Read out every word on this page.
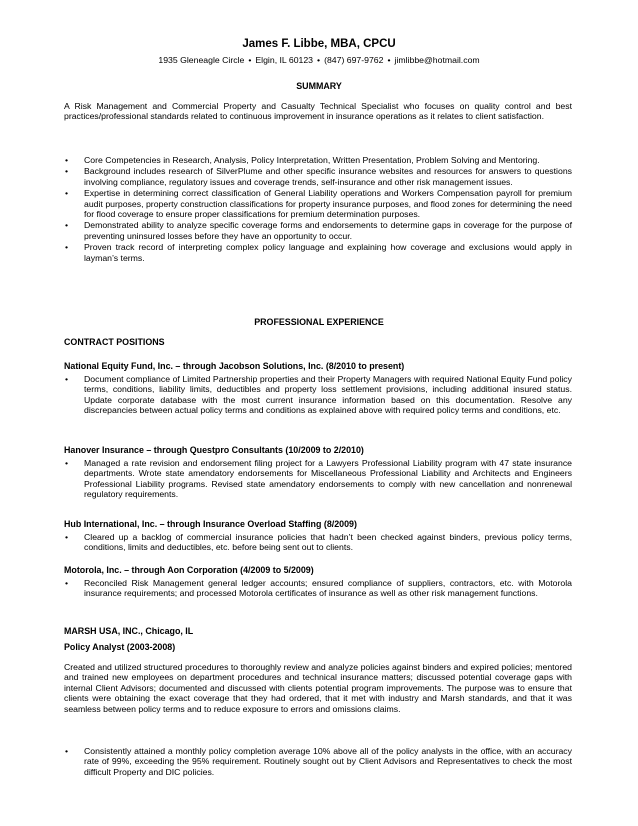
James F. Libbe, MBA, CPCU
1935 Gleneagle Circle • Elgin, IL 60123 • (847) 697-9762 • jimlibbe@hotmail.com
SUMMARY

A Risk Management and Commercial Property and Casualty Technical Specialist who focuses on quality control and best practices/professional standards related to continuous improvement in insurance operations as it relates to client satisfaction.

• Core Competencies in Research, Analysis, Policy Interpretation, Written Presentation, Problem Solving and Mentoring.
• Background includes research of SilverPlume and other specific insurance websites and resources for answers to questions involving compliance, regulatory issues and coverage trends, self-insurance and other risk management issues.
• Expertise in determining correct classification of General Liability operations and Workers Compensation payroll for premium audit purposes, property construction classifications for property insurance purposes, and flood zones for determining the need for flood coverage to ensure proper classifications for premium determination purposes.
• Demonstrated ability to analyze specific coverage forms and endorsements to determine gaps in coverage for the purpose of preventing uninsured losses before they have an opportunity to occur.
• Proven track record of interpreting complex policy language and explaining how coverage and exclusions would apply in layman’s terms.
PROFESSIONAL EXPERIENCE
CONTRACT POSITIONS
National Equity Fund, Inc. – through Jacobson Solutions, Inc. (8/2010 to present)
• Document compliance of Limited Partnership properties and their Property Managers with required National Equity Fund policy terms, conditions, liability limits, deductibles and property loss settlement provisions, including additional insured status. Update corporate database with the most current insurance information based on this documentation. Resolve any discrepancies between actual policy terms and conditions as explained above with required policy terms and conditions, etc.
Hanover Insurance – through Questpro Consultants (10/2009 to 2/2010)
• Managed a rate revision and endorsement filing project for a Lawyers Professional Liability program with 47 state insurance departments. Wrote state amendatory endorsements for Miscellaneous Professional Liability and Architects and Engineers Professional Liability programs. Revised state amendatory endorsements to comply with new cancellation and nonrenewal regulatory requirements.
Hub International, Inc. – through Insurance Overload Staffing (8/2009)
• Cleared up a backlog of commercial insurance policies that hadn’t been checked against binders, previous policy terms, conditions, limits and deductibles, etc. before being sent out to clients.
Motorola, Inc. – through Aon Corporation (4/2009 to 5/2009)
• Reconciled Risk Management general ledger accounts; ensured compliance of suppliers, contractors, etc. with Motorola insurance requirements; and processed Motorola certificates of insurance as well as other risk management functions.
MARSH USA, INC., Chicago, IL
Policy Analyst (2003-2008)

Created and utilized structured procedures to thoroughly review and analyze policies against binders and expired policies; mentored and trained new employees on department procedures and technical insurance matters; discussed potential coverage gaps with internal Client Advisors; documented and discussed with clients potential program improvements. The purpose was to ensure that clients were obtaining the exact coverage that they had ordered, that it met with industry and Marsh standards, and that it was seamless between policy terms and to reduce exposure to errors and omissions claims.

• Consistently attained a monthly policy completion average 10% above all of the policy analysts in the office, with an accuracy rate of 99%, exceeding the 95% requirement. Routinely sought out by Client Advisors and Representatives to check the most difficult Property and DIC policies.
